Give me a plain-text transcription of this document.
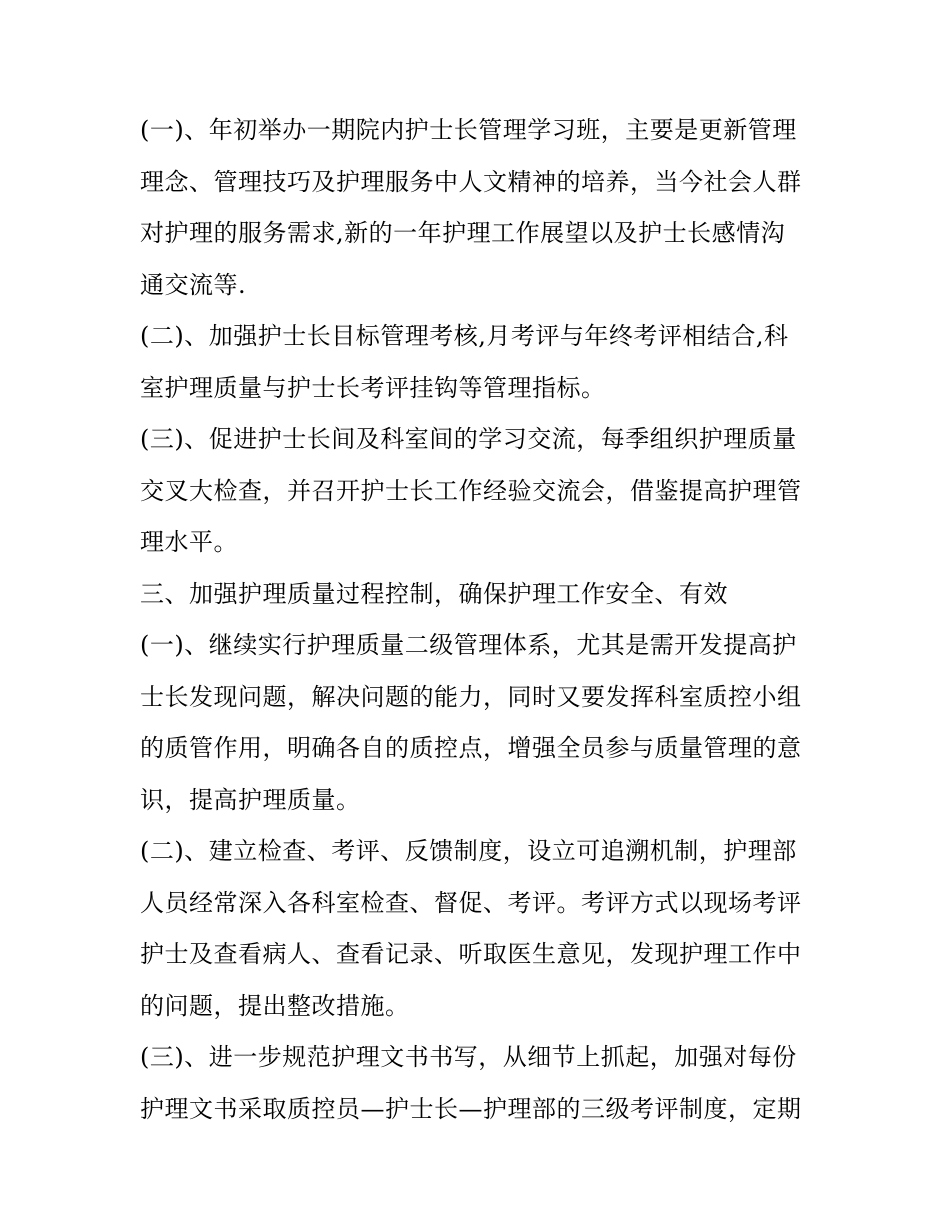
(一)、年初举办一期院内护士长管理学习班，主要是更新管理
理念、管理技巧及护理服务中人文精神的培养，当今社会人群
对护理的服务需求,新的一年护理工作展望以及护士长感情沟
通交流等.
(二)、加强护士长目标管理考核,月考评与年终考评相结合,科
室护理质量与护士长考评挂钩等管理指标。
(三)、促进护士长间及科室间的学习交流，每季组织护理质量
交叉大检查，并召开护士长工作经验交流会，借鉴提高护理管
理水平。
三、加强护理质量过程控制，确保护理工作安全、有效
(一)、继续实行护理质量二级管理体系，尤其是需开发提高护
士长发现问题，解决问题的能力，同时又要发挥科室质控小组
的质管作用，明确各自的质控点，增强全员参与质量管理的意
识，提高护理质量。
(二)、建立检查、考评、反馈制度，设立可追溯机制，护理部
人员经常深入各科室检查、督促、考评。考评方式以现场考评
护士及查看病人、查看记录、听取医生意见，发现护理工作中
的问题，提出整改措施。
(三)、进一步规范护理文书书写，从细节上抓起，加强对每份
护理文书采取质控员—护士长—护理部的三级考评制度，定期
